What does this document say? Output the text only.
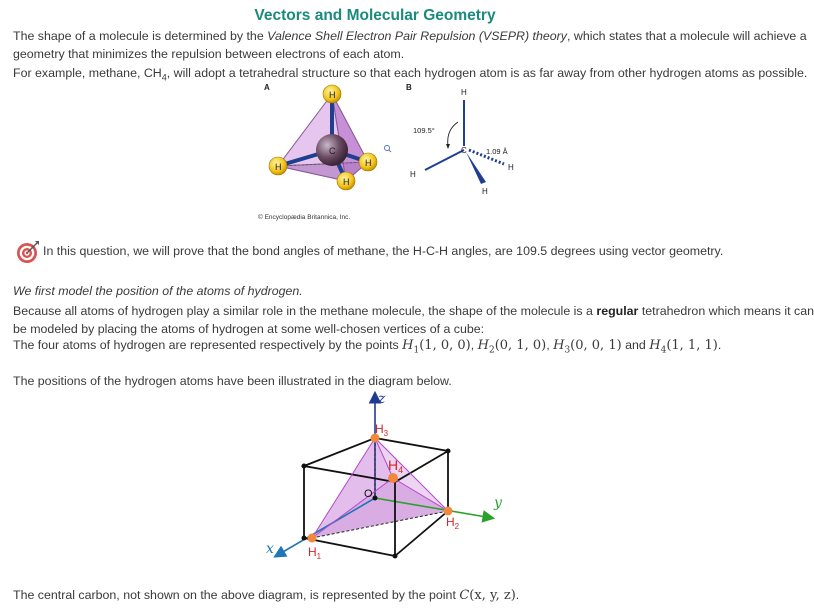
Vectors and Molecular Geometry
The shape of a molecule is determined by the Valence Shell Electron Pair Repulsion (VSEPR) theory, which states that a molecule will achieve a
geometry that minimizes the repulsion between electrons of each atom.
For example, methane, $CH_4$, will adopt a tetrahedral structure so that each hydrogen atom is as far away from other hydrogen atoms as possible.
A	B
C
H
H	H
H
H
H
H
H
C
109.5°
1.09 Å
© Encyclopædia Britannica, Inc.
In this question, we will prove that the bond angles of methane, the H-C-H angles, are 109.5 degrees using vector geometry.
We first model the position of the atoms of hydrogen.
Because all atoms of hydrogen play a similar role in the methane molecule, the shape of the molecule is a regular tetrahedron which means it can
be modeled by placing the atoms of hydrogen at some well-chosen vertices of a cube:
The four atoms of hydrogen are represented respectively by the points $H_1(1$, 0, 0), $H_2(0$, 1, 0), $H_3(0$, 0, 1) and $H_4(1$, 1, 1).
The positions of the hydrogen atoms have been illustrated in the diagram below.
O
x
y
z
$H_1$
$H_2$
$H_3$
$H_4$
The central carbon, not shown on the above diagram, is represented by the point C(x, y, z).
